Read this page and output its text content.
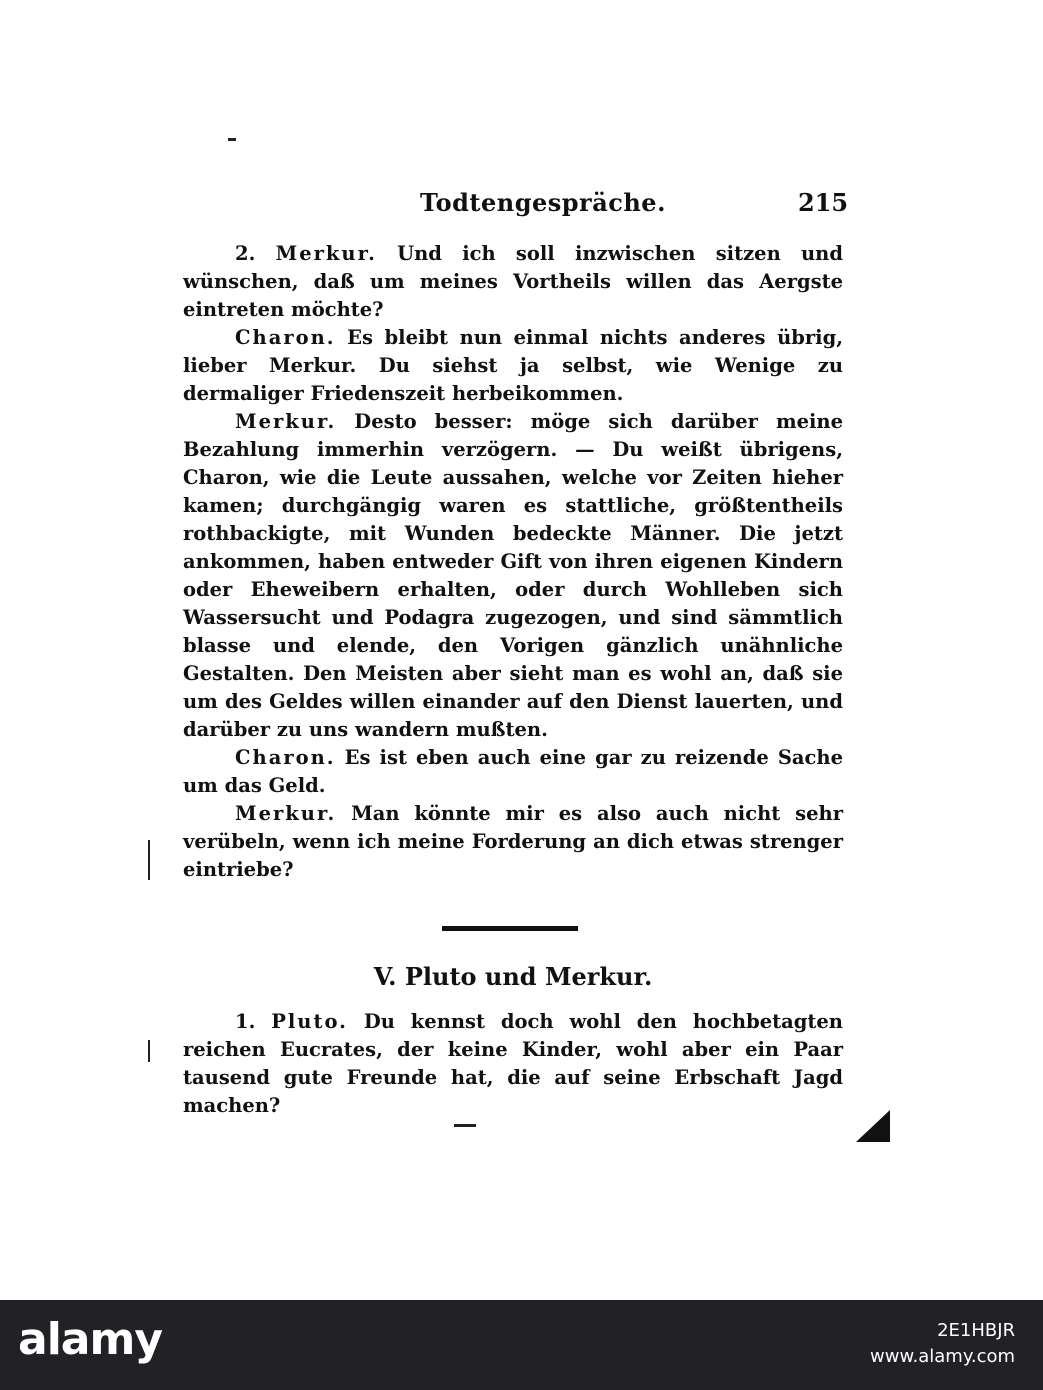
Todtengespräche.	215

2. Merkur. Und ich soll inzwischen sitzen und wünschen, daß um meines Vortheils willen das Aergste eintreten möchte?

Charon. Es bleibt nun einmal nichts anderes übrig, lieber Merkur. Du siehst ja selbst, wie Wenige zu dermaliger Friedenszeit herbeikommen.

Merkur. Desto besser: möge sich darüber meine Bezahlung immerhin verzögern. — Du weißt übrigens, Charon, wie die Leute aussahen, welche vor Zeiten hieher kamen; durchgängig waren es stattliche, größtentheils rothbackigte, mit Wunden bedeckte Männer. Die jetzt ankommen, haben entweder Gift von ihren eigenen Kindern oder Eheweibern erhalten, oder durch Wohlleben sich Wassersucht und Podagra zugezogen, und sind sämmtlich blasse und elende, den Vorigen gänzlich unähnliche Gestalten. Den Meisten aber sieht man es wohl an, daß sie um des Geldes willen einander auf den Dienst lauerten, und darüber zu uns wandern mußten.

Charon. Es ist eben auch eine gar zu reizende Sache um das Geld.

Merkur. Man könnte mir es also auch nicht sehr verübeln, wenn ich meine Forderung an dich etwas strenger eintriebe?

V. Pluto und Merkur.

1. Pluto. Du kennst doch wohl den hochbetagten reichen Eucrates, der keine Kinder, wohl aber ein Paar tausend gute Freunde hat, die auf seine Erbschaft Jagd machen?

alamy	2E1HBJR
www.alamy.com
